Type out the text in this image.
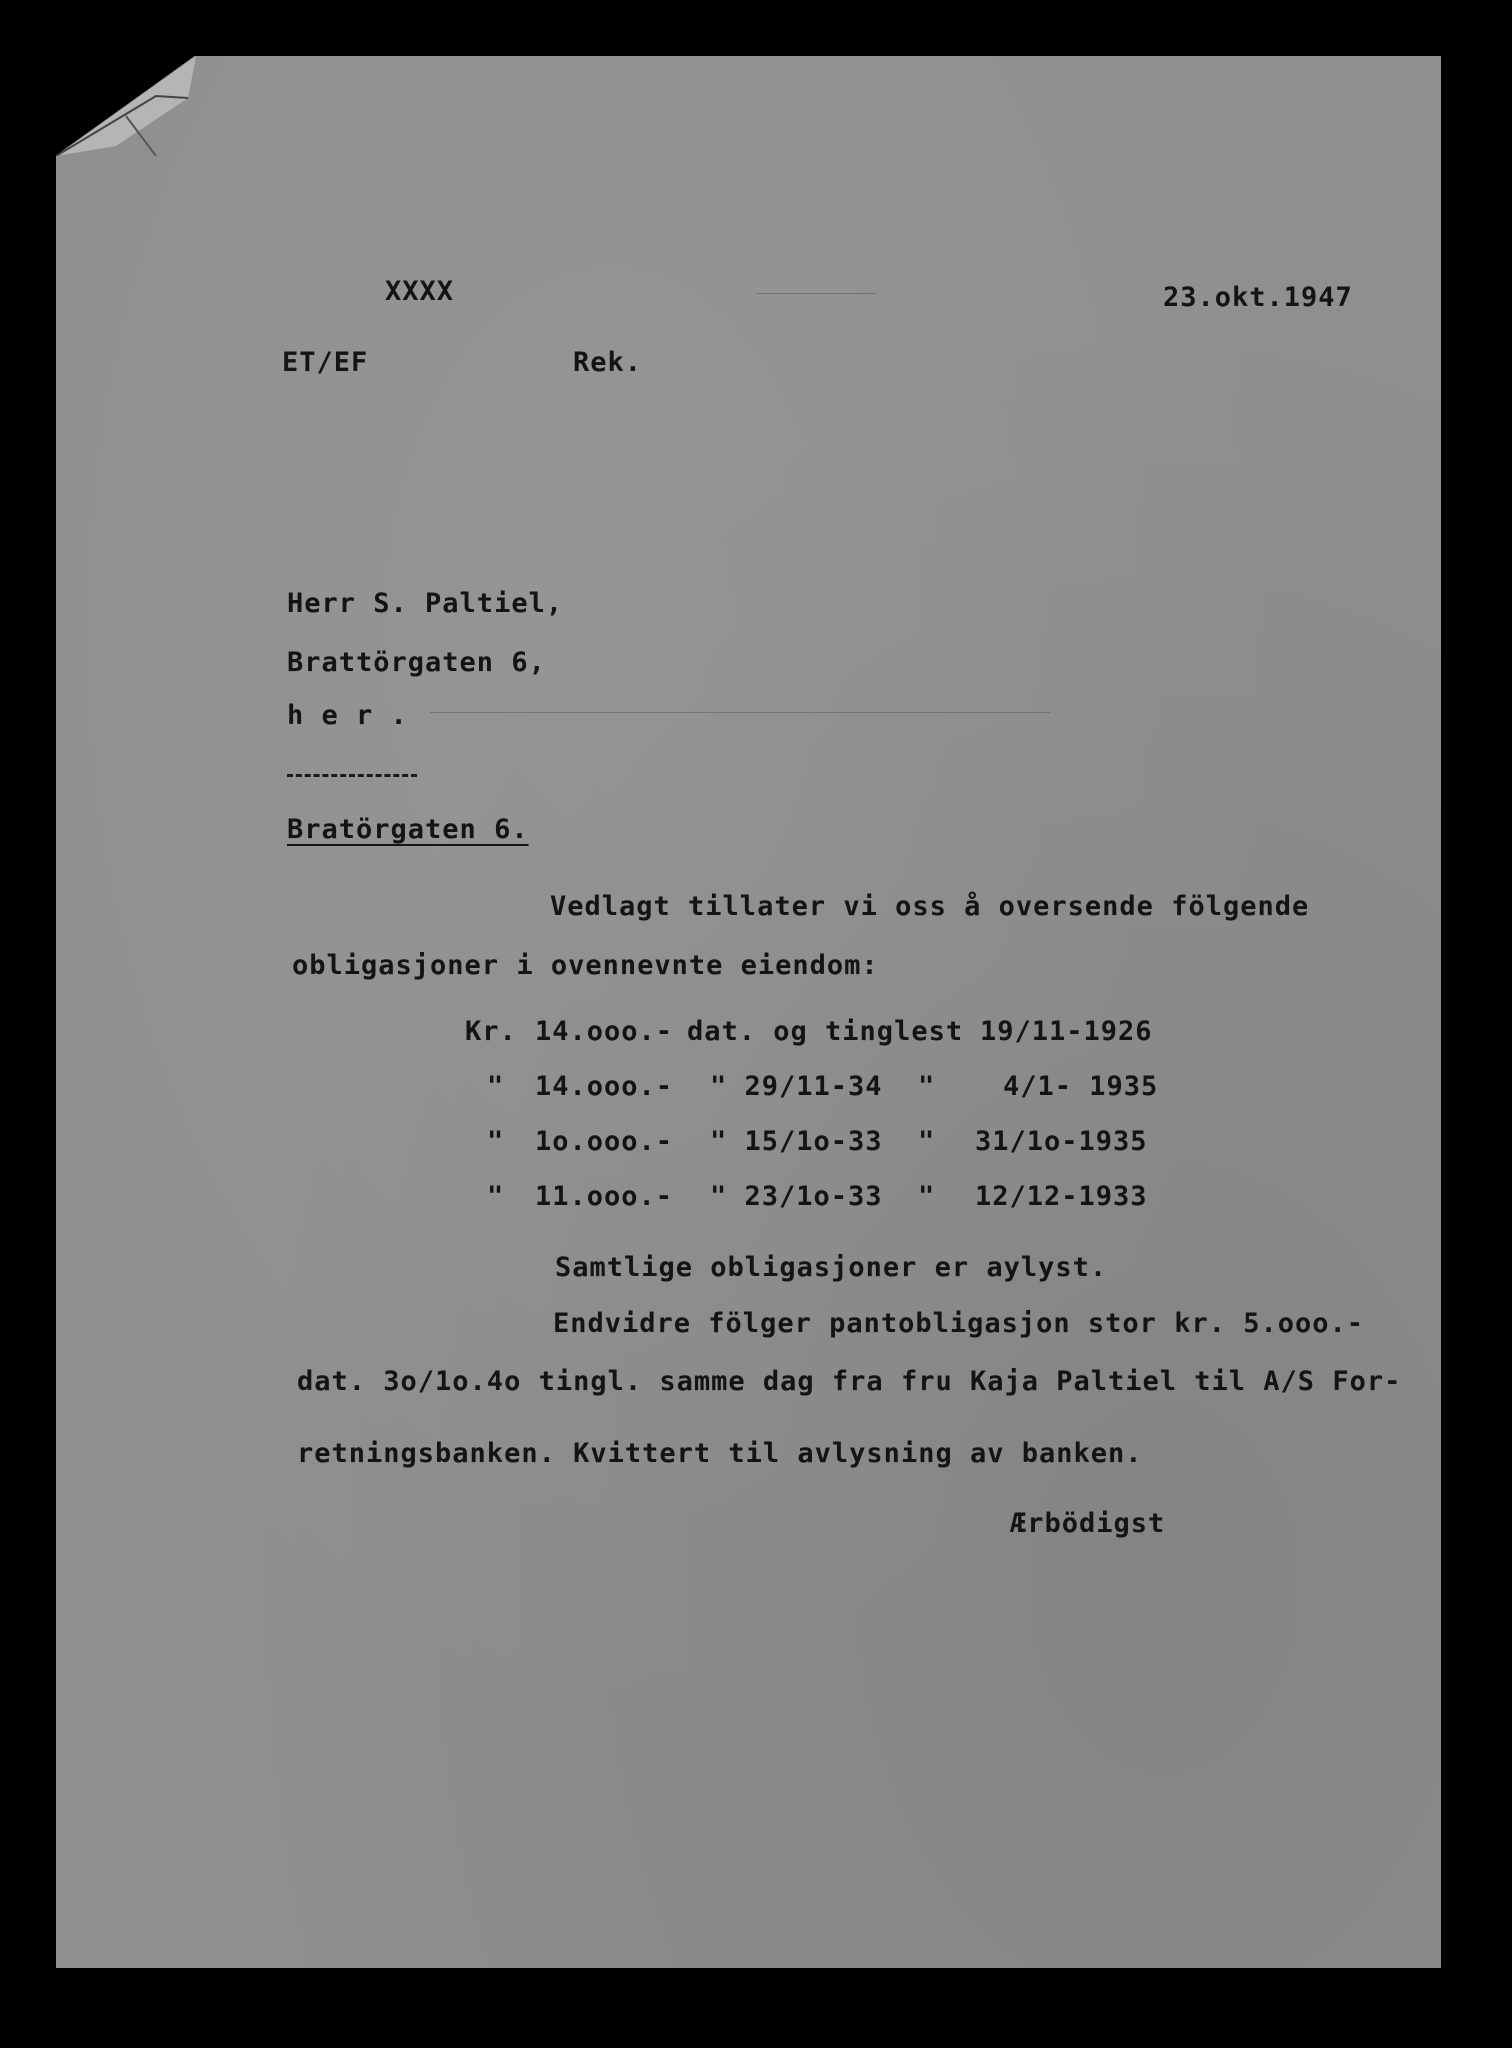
XXXX	23.okt.1947
ET/EF	Rek.
Herr S. Paltiel,
Brattörgaten 6,
h e r .
Bratörgaten 6.
Vedlagt tillater vi oss å oversende fölgende
obligasjoner i ovennevnte eiendom:
Kr. 14.ooo.- dat. og tinglest 19/11-1926
" 14.ooo.- " 29/11-34 "	4/1- 1935
" 1o.ooo.- " 15/1o-33 " 31/1o-1935
" 11.ooo.- " 23/1o-33 " 12/12-1933
Samtlige obligasjoner er aylyst.
Endvidre fölger pantobligasjon stor kr. 5.ooo.-
dat. 3o/1o.4o tingl. samme dag fra fru Kaja Paltiel til A/S For-
retningsbanken. Kvittert til avlysning av banken.
Ærbödigst
